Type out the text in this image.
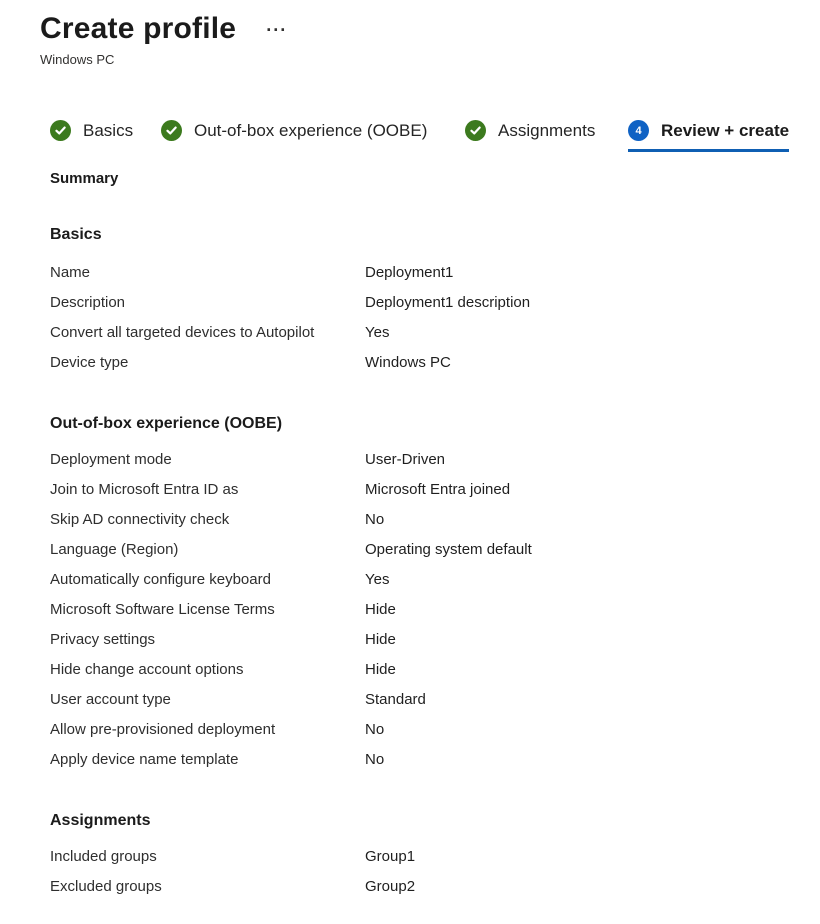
Create profile ···
Windows PC
Basics	Out-of-box experience (OOBE)	Assignments	4	Review + create
Summary
Basics
Name	Deployment1
Description	Deployment1 description
Convert all targeted devices to Autopilot	Yes
Device type	Windows PC
Out-of-box experience (OOBE)
Deployment mode	User-Driven
Join to Microsoft Entra ID as	Microsoft Entra joined
Skip AD connectivity check	No
Language (Region)	Operating system default
Automatically configure keyboard	Yes
Microsoft Software License Terms	Hide
Privacy settings	Hide
Hide change account options	Hide
User account type	Standard
Allow pre-provisioned deployment	No
Apply device name template	No
Assignments
Included groups	Group1
Excluded groups	Group2
